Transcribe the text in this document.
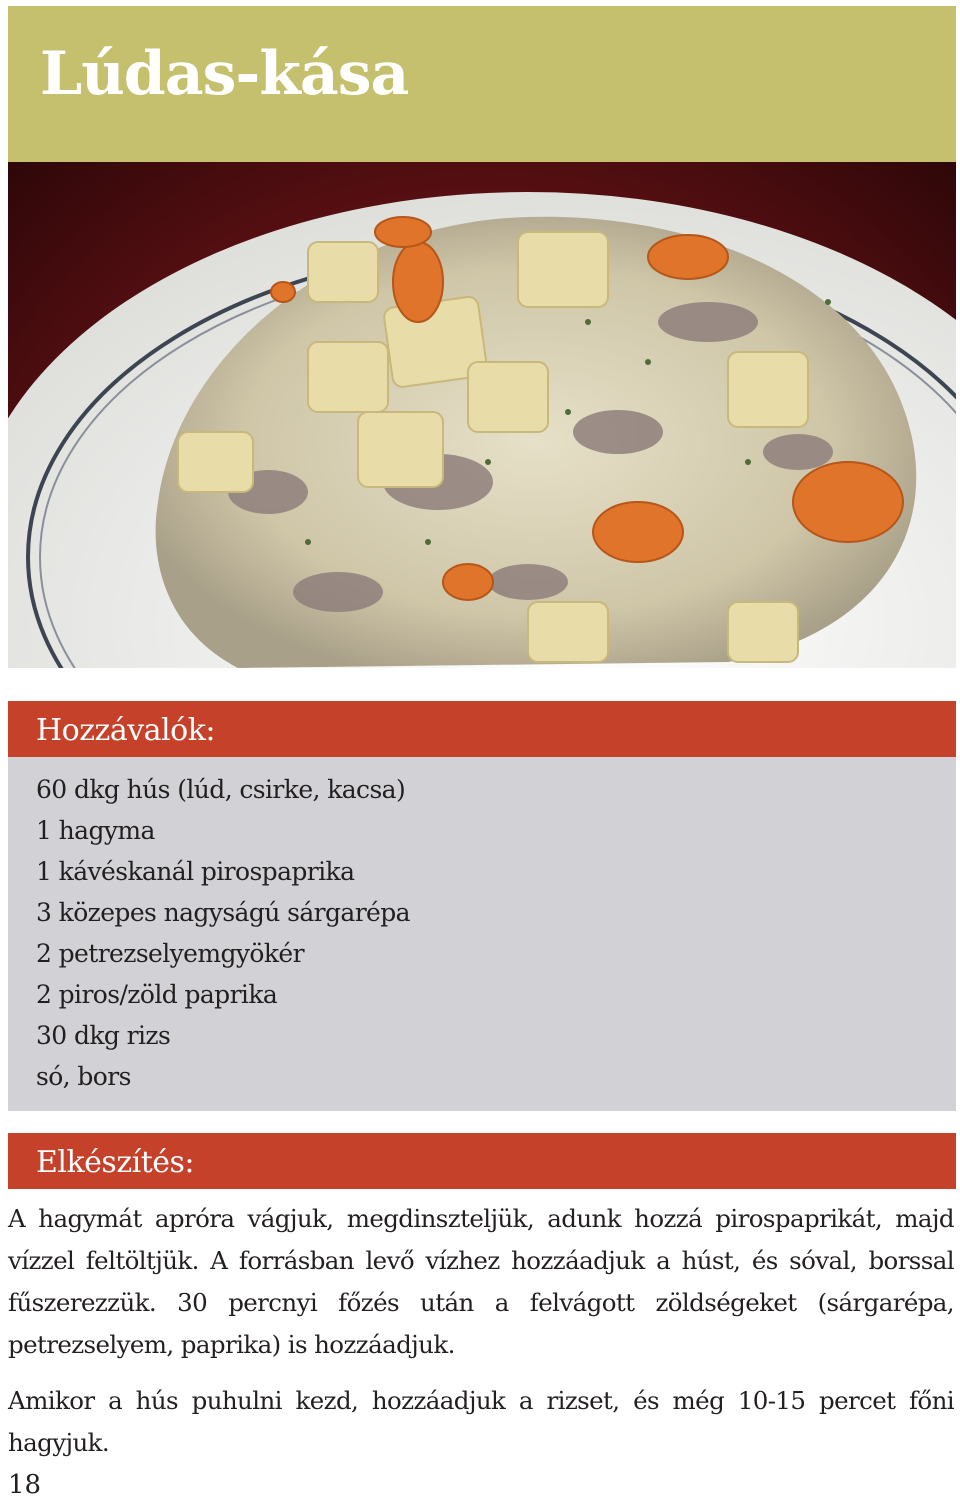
Lúdas-kása
Hozzávalók:
60 dkg hús (lúd, csirke, kacsa)
1 hagyma
1 kávéskanál pirospaprika
3 közepes nagyságú sárgarépa
2 petrezselyemgyökér
2 piros/zöld paprika
30 dkg rizs
só, bors
Elkészítés:

A hagymát apróra vágjuk, megdinszteljük, adunk hozzá pirospaprikát, majd vízzel feltöltjük. A forrásban levő vízhez hozzáadjuk a húst, és sóval, borssal fűszerezzük. 30 percnyi főzés után a felvágott zöldségeket (sárgarépa, petrezselyem, paprika) is hozzáadjuk.

Amikor a hús puhulni kezd, hozzáadjuk a rizset, és még 10-15 percet főni hagyjuk.

18
